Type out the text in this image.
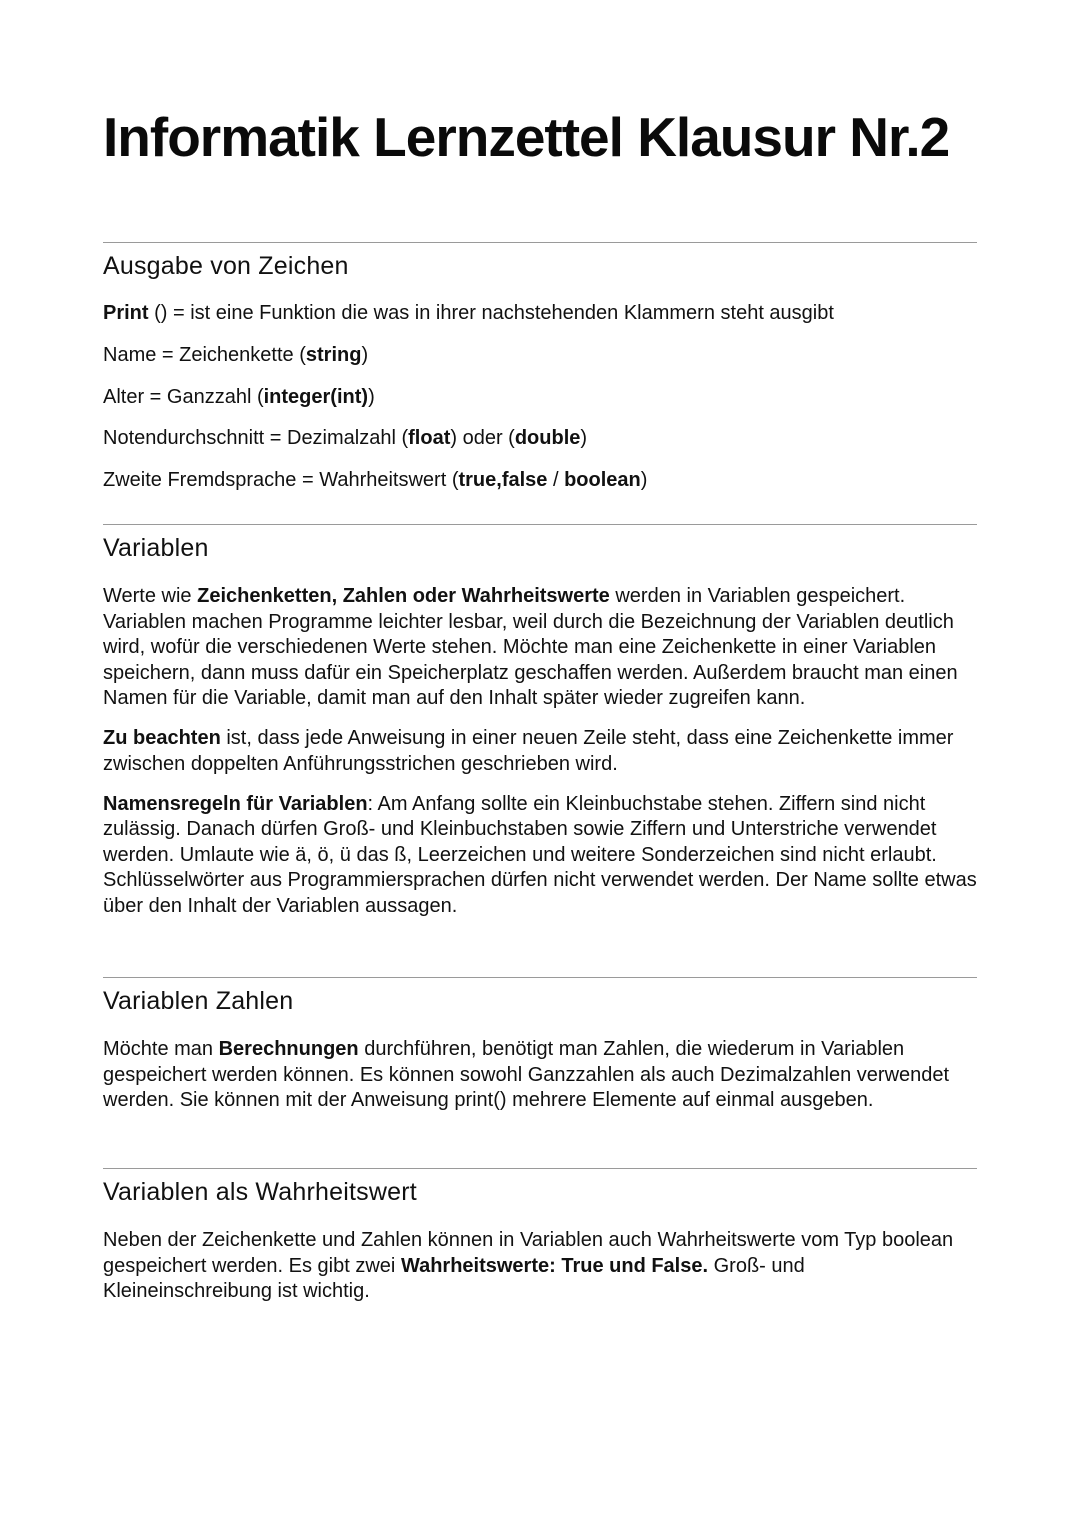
Informatik Lernzettel Klausur Nr.2
Ausgabe von Zeichen

Print () = ist eine Funktion die was in ihrer nachstehenden Klammern steht ausgibt

Name = Zeichenkette (string)

Alter = Ganzzahl (integer(int))

Notendurchschnitt = Dezimalzahl (float) oder (double)

Zweite Fremdsprache = Wahrheitswert (true,false / boolean)

Variablen

Werte wie Zeichenketten, Zahlen oder Wahrheitswerte werden in Variablen gespeichert. Variablen machen Programme leichter lesbar, weil durch die Bezeichnung der Variablen deutlich wird, wofür die verschiedenen Werte stehen. Möchte man eine Zeichenkette in einer Variablen speichern, dann muss dafür ein Speicherplatz geschaffen werden. Außerdem braucht man einen Namen für die Variable, damit man auf den Inhalt später wieder zugreifen kann.

Zu beachten ist, dass jede Anweisung in einer neuen Zeile steht, dass eine Zeichenkette immer zwischen doppelten Anführungsstrichen geschrieben wird.

Namensregeln für Variablen: Am Anfang sollte ein Kleinbuchstabe stehen. Ziffern sind nicht zulässig. Danach dürfen Groß- und Kleinbuchstaben sowie Ziffern und Unterstriche verwendet werden. Umlaute wie ä, ö, ü das ß, Leerzeichen und weitere Sonderzeichen sind nicht erlaubt. Schlüsselwörter aus Programmiersprachen dürfen nicht verwendet werden. Der Name sollte etwas über den Inhalt der Variablen aussagen.

Variablen Zahlen

Möchte man Berechnungen durchführen, benötigt man Zahlen, die wiederum in Variablen gespeichert werden können. Es können sowohl Ganzzahlen als auch Dezimalzahlen verwendet werden. Sie können mit der Anweisung print() mehrere Elemente auf einmal ausgeben.

Variablen als Wahrheitswert

Neben der Zeichenkette und Zahlen können in Variablen auch Wahrheitswerte vom Typ boolean gespeichert werden. Es gibt zwei Wahrheitswerte: True und False. Groß- und Kleineinschreibung ist wichtig.
